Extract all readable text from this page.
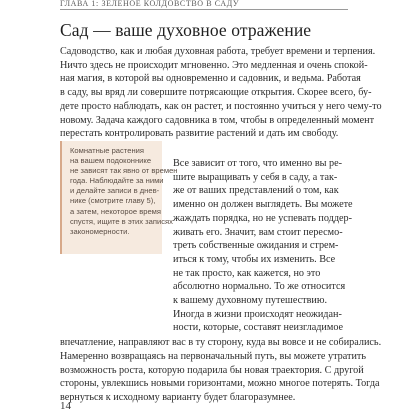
ГЛАВА 1: ЗЕЛЕНОЕ КОЛДОВСТВО В САДУ
Сад — ваше духовное отражение

Садоводство, как и любая духовная работа, требует времени и терпения.
Ничто здесь не происходит мгновенно. Это медленная и очень спокой-
ная магия, в которой вы одновременно и садовник, и ведьма. Работая
в саду, вы вряд ли совершите потрясающие открытия. Скорее всего, бу-
дете просто наблюдать, как он растет, и постоянно учиться у него чему-то
новому. Задача каждого садовника в том, чтобы в определенный момент
перестать контролировать развитие растений и дать им свободу.

Комнатные растения
на вашем подоконнике
не зависят так явно от времен
года. Наблюдайте за ними
и делайте записи в днев-
нике (смотрите главу 5),
а затем, некоторое время
спустя, ищите в этих записях
закономерности.

Все зависит от того, что именно вы ре-
шите выращивать у себя в саду, а так-
же от ваших представлений о том, как
именно он должен выглядеть. Вы можете
жаждать порядка, но не успевать поддер-
живать его. Значит, вам стоит пересмо-
треть собственные ожидания и стрем-
иться к тому, чтобы их изменить. Все
не так просто, как кажется, но это
абсолютно нормально. То же относится
к вашему духовному путешествию.
Иногда в жизни происходят неожидан-
ности, которые, составят неизгладимое

впечатление, направляют вас в ту сторону, куда вы вовсе и не собирались.

Намеренно возвращаясь на первоначальный путь, вы можете утратить
возможность роста, которую подарила бы новая траектория. С другой
стороны, увлекшись новыми горизонтами, можно многое потерять. Тогда
вернуться к исходному варианту будет благоразумнее.

14
